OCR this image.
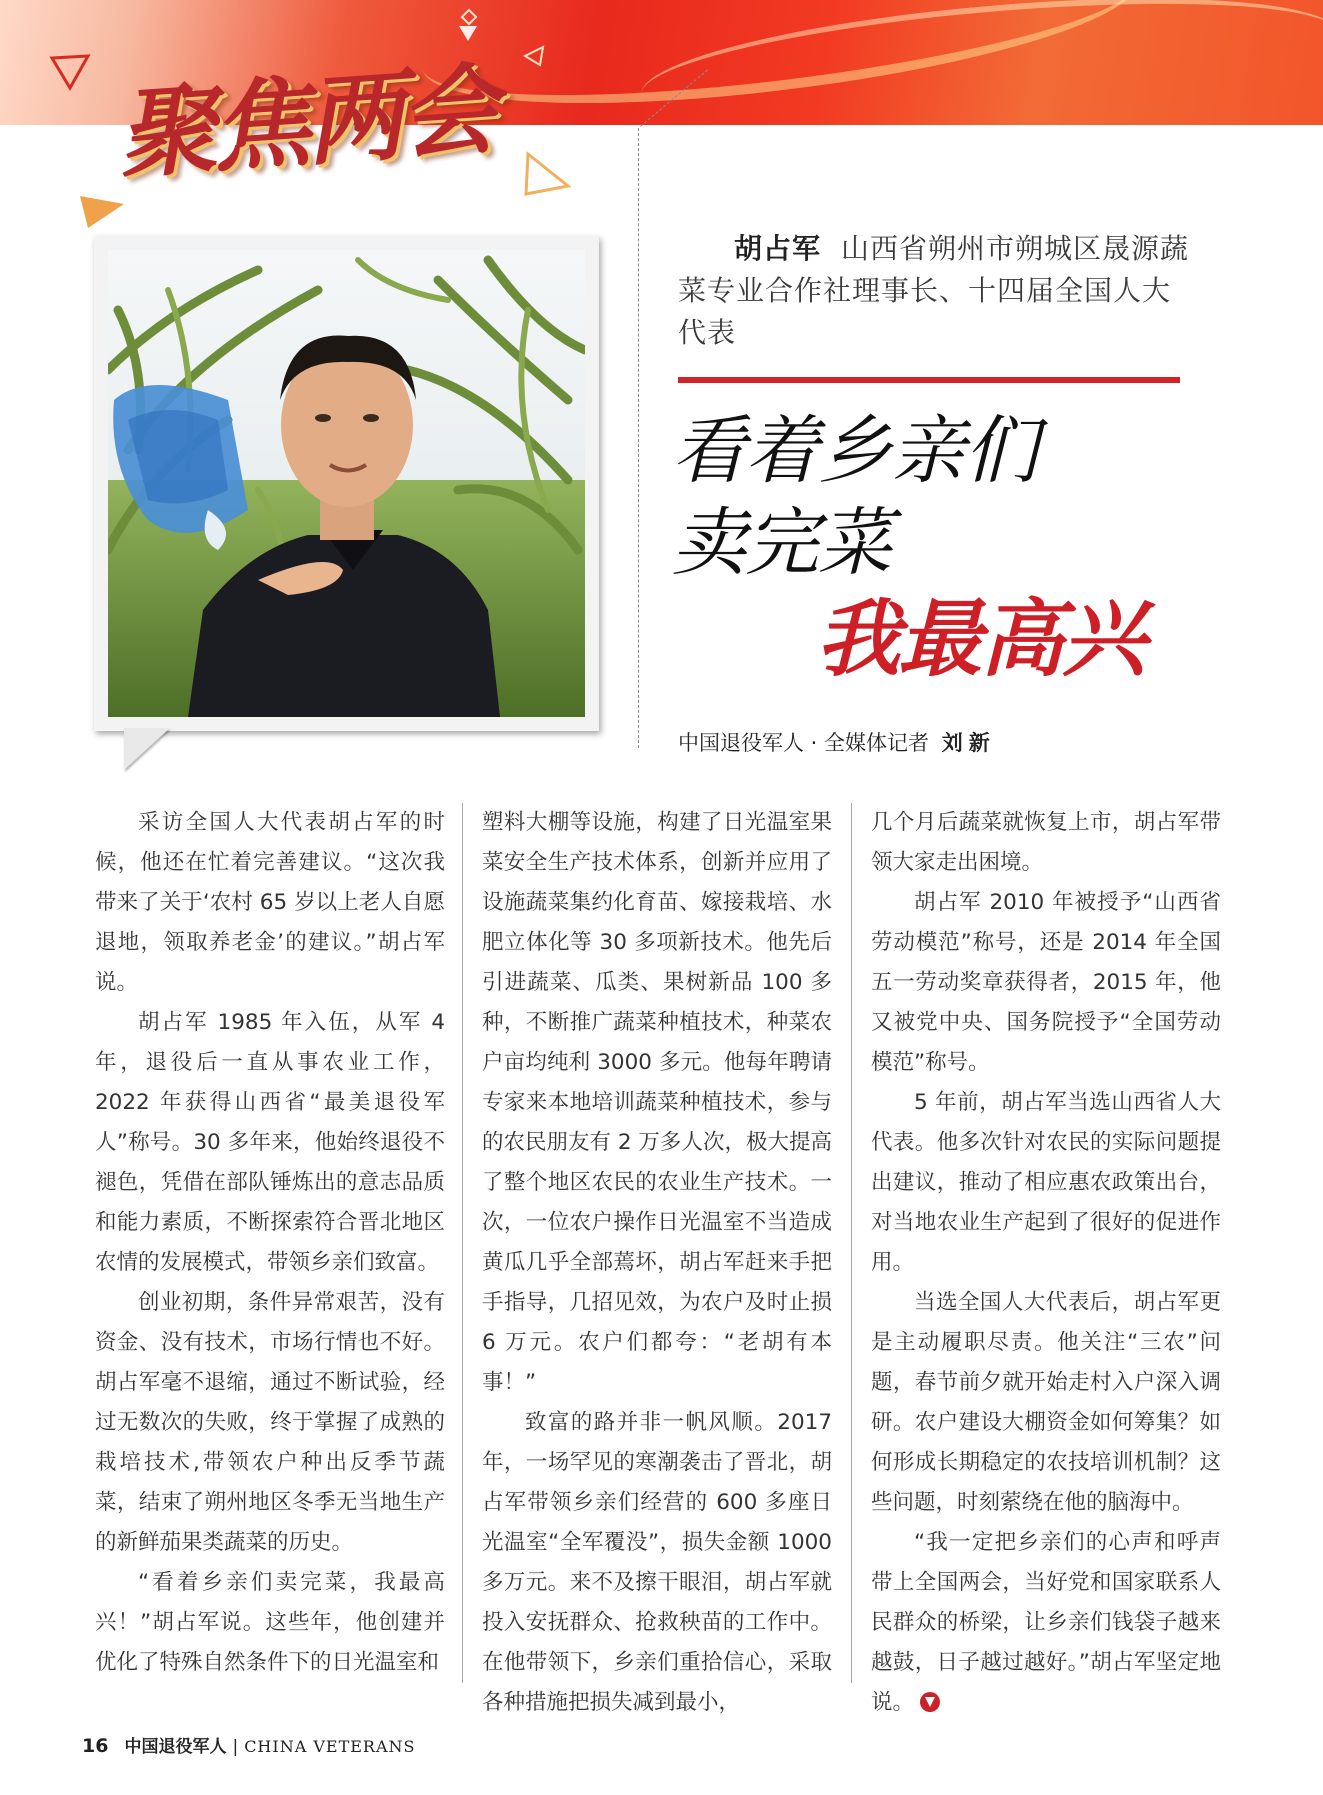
聚焦两会
胡占军 山西省朔州市朔城区晟源蔬菜专业合作社理事长、十四届全国人大代表
看着乡亲们
卖完菜
我最高兴
中国退役军人 · 全媒体记者 刘新

采访全国人大代表胡占军的时候，他还在忙着完善建议。“这次我带来了关于‘农村 65 岁以上老人自愿退地，领取养老金’的建议。”胡占军说。

胡占军 1985 年入伍，从军 4 年，退役后一直从事农业工作，2022 年获得山西省“最美退役军人”称号。30 多年来，他始终退役不褪色，凭借在部队锤炼出的意志品质和能力素质，不断探索符合晋北地区农情的发展模式，带领乡亲们致富。

创业初期，条件异常艰苦，没有资金、没有技术，市场行情也不好。胡占军毫不退缩，通过不断试验，经过无数次的失败，终于掌握了成熟的栽培技术,带领农户种出反季节蔬菜，结束了朔州地区冬季无当地生产的新鲜茄果类蔬菜的历史。

“看着乡亲们卖完菜，我最高兴！”胡占军说。这些年，他创建并优化了特殊自然条件下的日光温室和

塑料大棚等设施，构建了日光温室果菜安全生产技术体系，创新并应用了设施蔬菜集约化育苗、嫁接栽培、水肥立体化等 30 多项新技术。他先后引进蔬菜、瓜类、果树新品 100 多种，不断推广蔬菜种植技术，种菜农户亩均纯利 3000 多元。他每年聘请专家来本地培训蔬菜种植技术，参与的农民朋友有 2 万多人次，极大提高了整个地区农民的农业生产技术。一次，一位农户操作日光温室不当造成黄瓜几乎全部蔫坏，胡占军赶来手把手指导，几招见效，为农户及时止损 6 万元。农户们都夸：“老胡有本事！”

致富的路并非一帆风顺。2017 年，一场罕见的寒潮袭击了晋北，胡占军带领乡亲们经营的 600 多座日光温室“全军覆没”，损失金额 1000 多万元。来不及擦干眼泪，胡占军就投入安抚群众、抢救秧苗的工作中。在他带领下，乡亲们重拾信心，采取各种措施把损失减到最小，

几个月后蔬菜就恢复上市，胡占军带领大家走出困境。

胡占军 2010 年被授予“山西省劳动模范”称号，还是 2014 年全国五一劳动奖章获得者，2015 年，他又被党中央、国务院授予“全国劳动模范”称号。

5 年前，胡占军当选山西省人大代表。他多次针对农民的实际问题提出建议，推动了相应惠农政策出台，对当地农业生产起到了很好的促进作用。

当选全国人大代表后，胡占军更是主动履职尽责。他关注“三农”问题，春节前夕就开始走村入户深入调研。农户建设大棚资金如何筹集？如何形成长期稳定的农技培训机制？这些问题，时刻萦绕在他的脑海中。

“我一定把乡亲们的心声和呼声带上全国两会，当好党和国家联系人民群众的桥梁，让乡亲们钱袋子越来越鼓，日子越过越好。”胡占军坚定地说。

16 中国退役军人 | CHINA VETERANS
